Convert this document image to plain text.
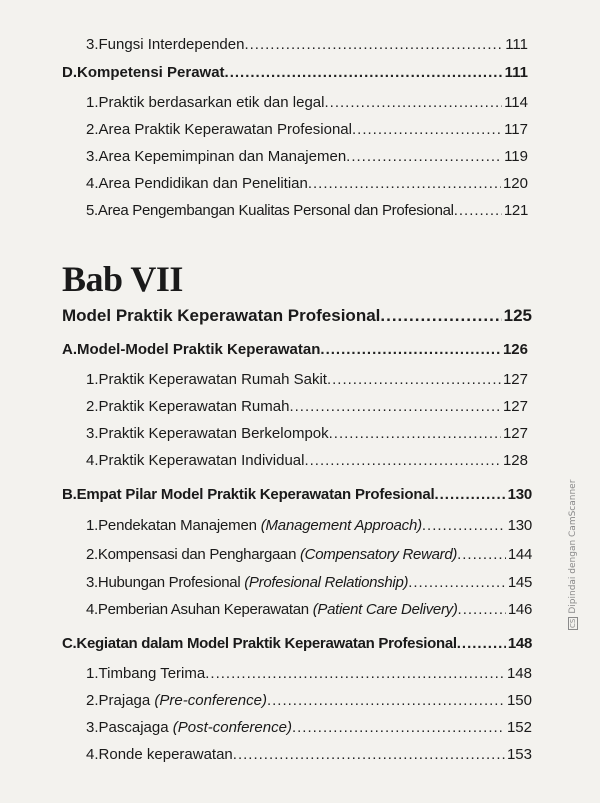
3. Fungsi Interdependen .....	111
D. Kompetensi Perawat .....	111
1. Praktik berdasarkan etik dan legal .....	114
2. Area Praktik Keperawatan Profesional .....	117
3. Area Kepemimpinan dan Manajemen .....	119
4. Area Pendidikan dan Penelitian .....	120
5. Area Pengembangan Kualitas Personal dan Profesional .....	121
Bab VII
Model Praktik Keperawatan Profesional .....	125
A. Model-Model Praktik Keperawatan .....	126
1. Praktik Keperawatan Rumah Sakit .....	127
2. Praktik Keperawatan Rumah .....	127
3. Praktik Keperawatan Berkelompok .....	127
4. Praktik Keperawatan Individual .....	128
B. Empat Pilar Model Praktik Keperawatan Profesional .....	130
1. Pendekatan Manajemen (Management Approach) .....	130
2. Kompensasi dan Penghargaan (Compensatory Reward) .....	144
3. Hubungan Profesional (Profesional Relationship) .....	145
4. Pemberian Asuhan Keperawatan (Patient Care Delivery) .....	146
C. Kegiatan dalam Model Praktik Keperawatan Profesional .....	148
1. Timbang Terima .....	148
2. Prajaga (Pre-conference) .....	150
3. Pascajaga (Post-conference) .....	152
4. Ronde keperawatan .....	153
CSDipindai dengan CamScanner
